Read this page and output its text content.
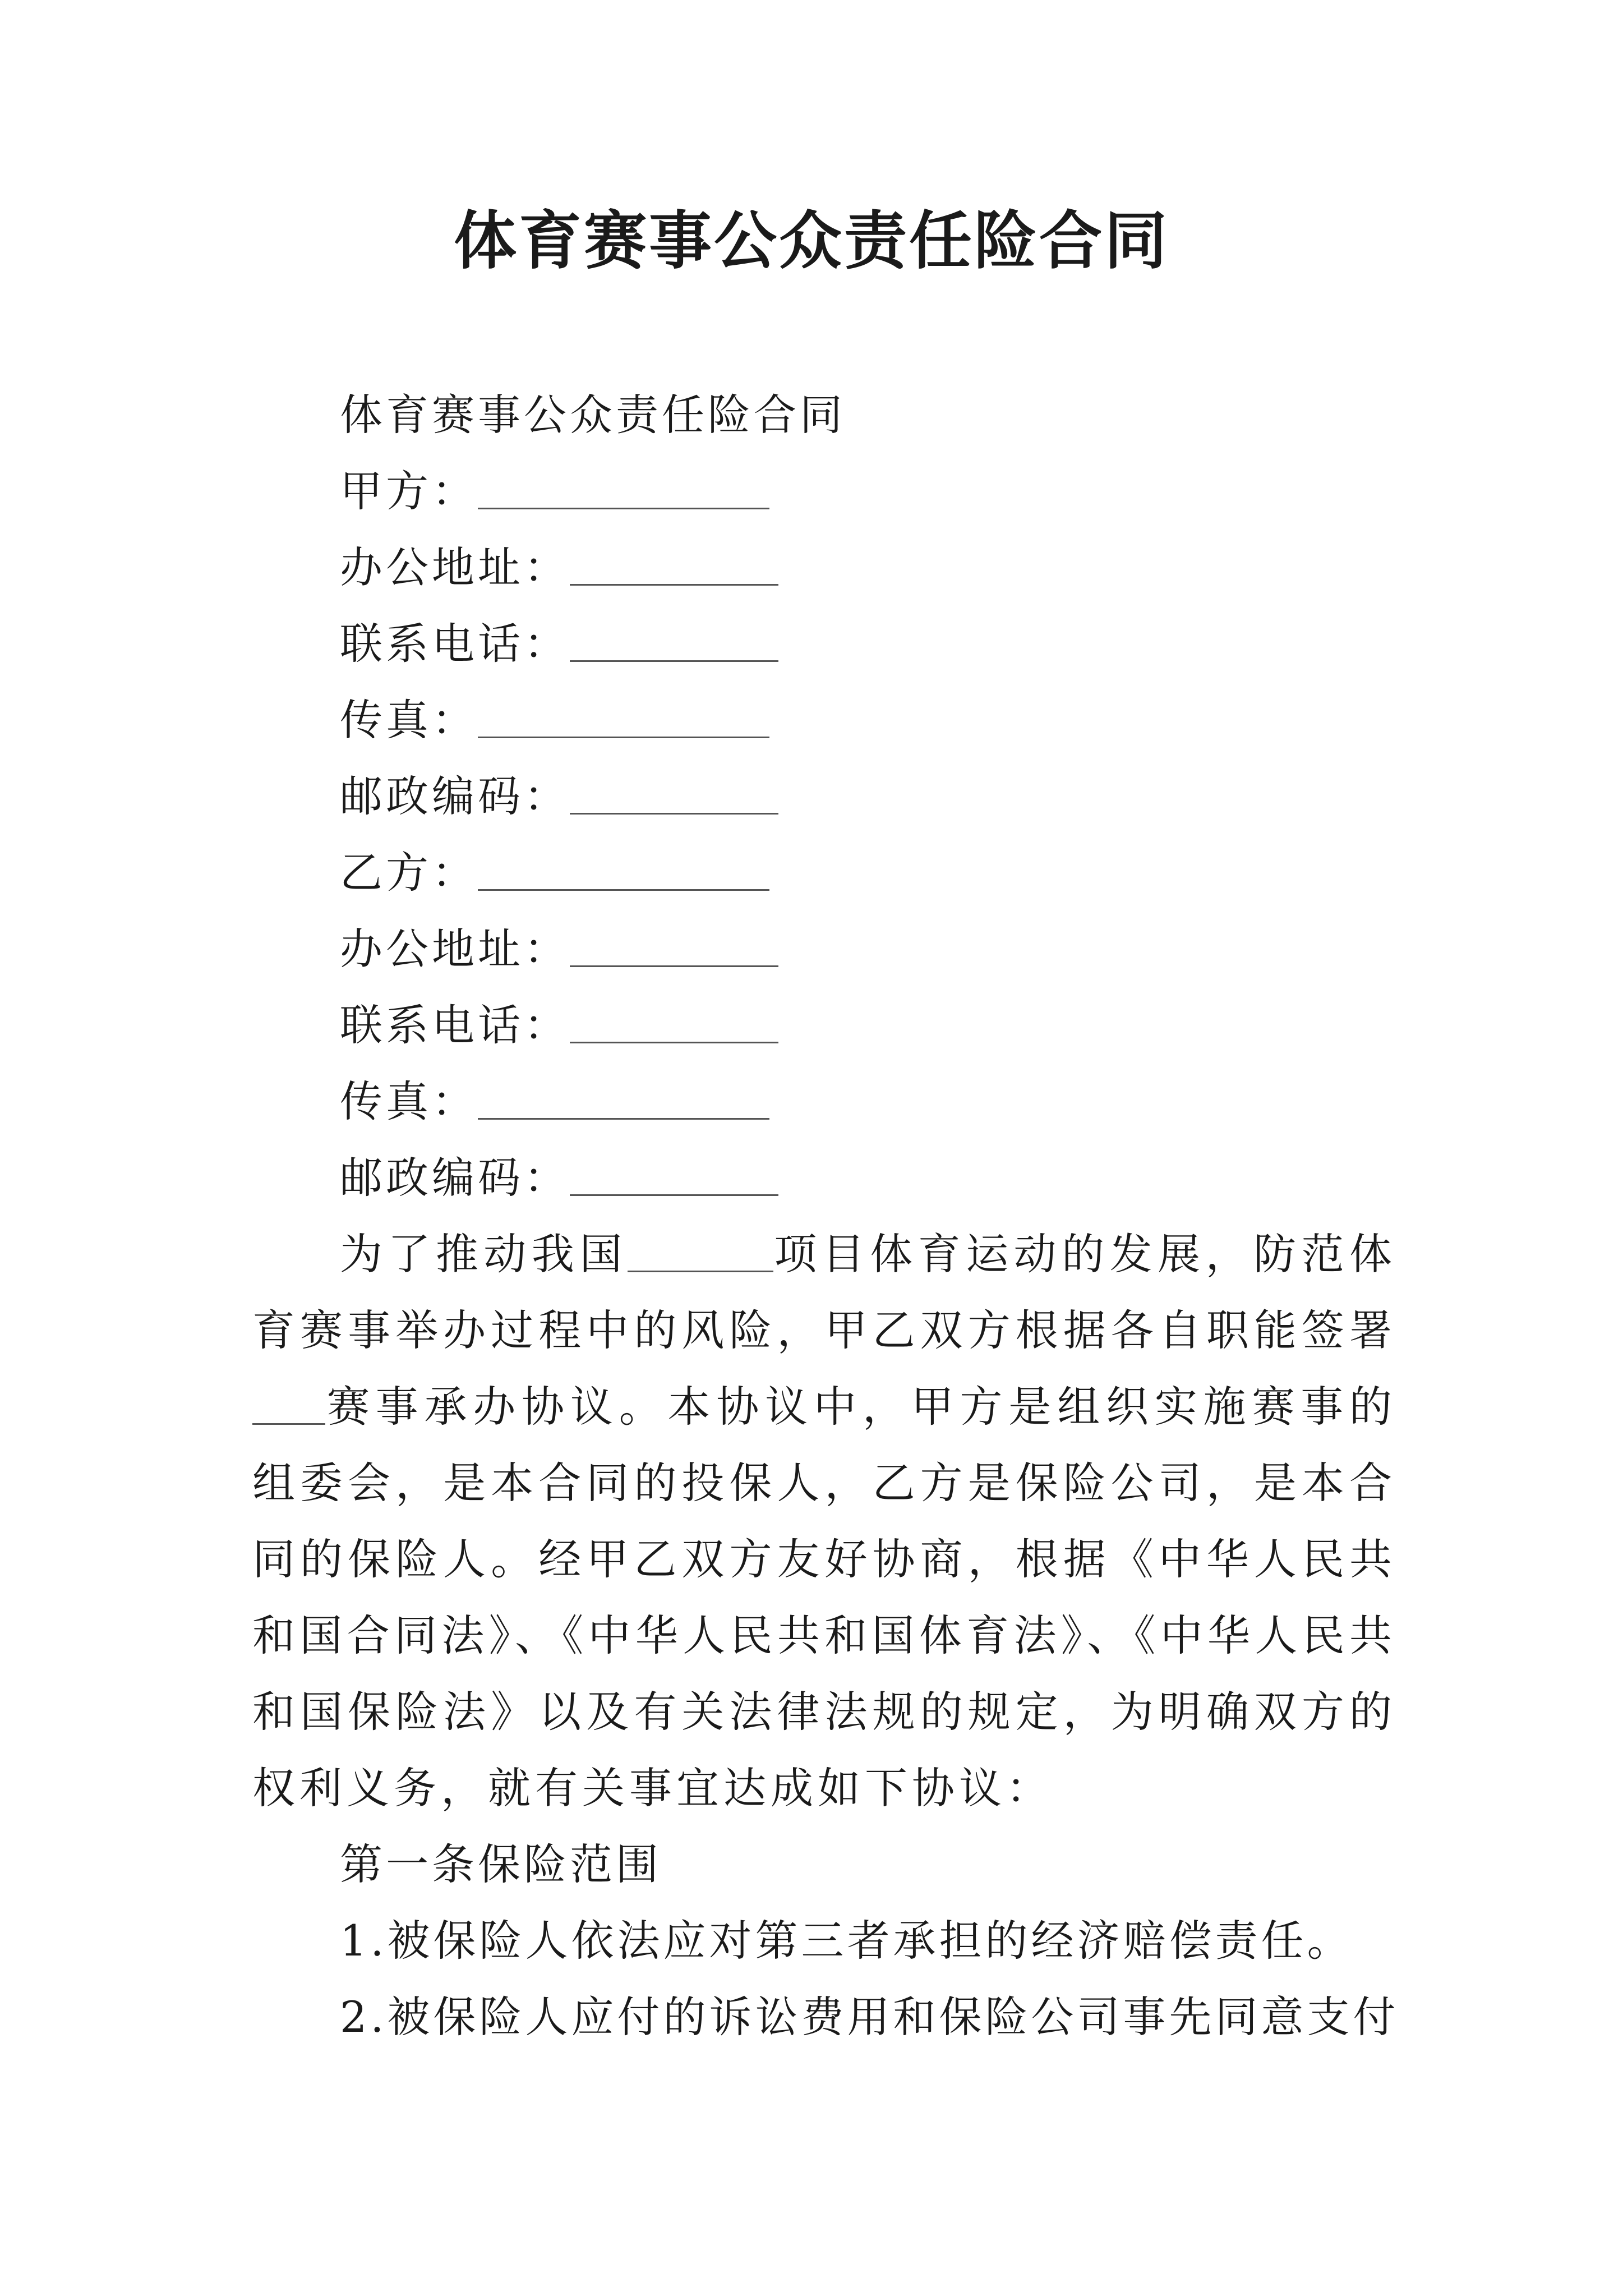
体育赛事公众责任险合同
体育赛事公众责任险合同
甲方：
办公地址：
联系电话：
传真：
邮政编码：
乙方：
办公地址：
联系电话：
传真：
邮政编码：
为了推动我国	项目体育运动的发展，防范体育赛事举办过程中的风险，甲乙双方根据各自职能签署赛事承办协议。本协议中，甲方是组织实施赛事的组委会，是本合同的投保人，乙方是保险公司，是本合同的保险人。经甲乙双方友好协商，根据《中华人民共和国合同法》、《中华人民共和国体育法》、《中华人民共和国保险法》以及有关法律法规的规定，为明确双方的权利义务，就有关事宜达成如下协议：
第一条保险范围
1.被保险人依法应对第三者承担的经济赔偿责任。
2.被保险人应付的诉讼费用和保险公司事先同意支付
